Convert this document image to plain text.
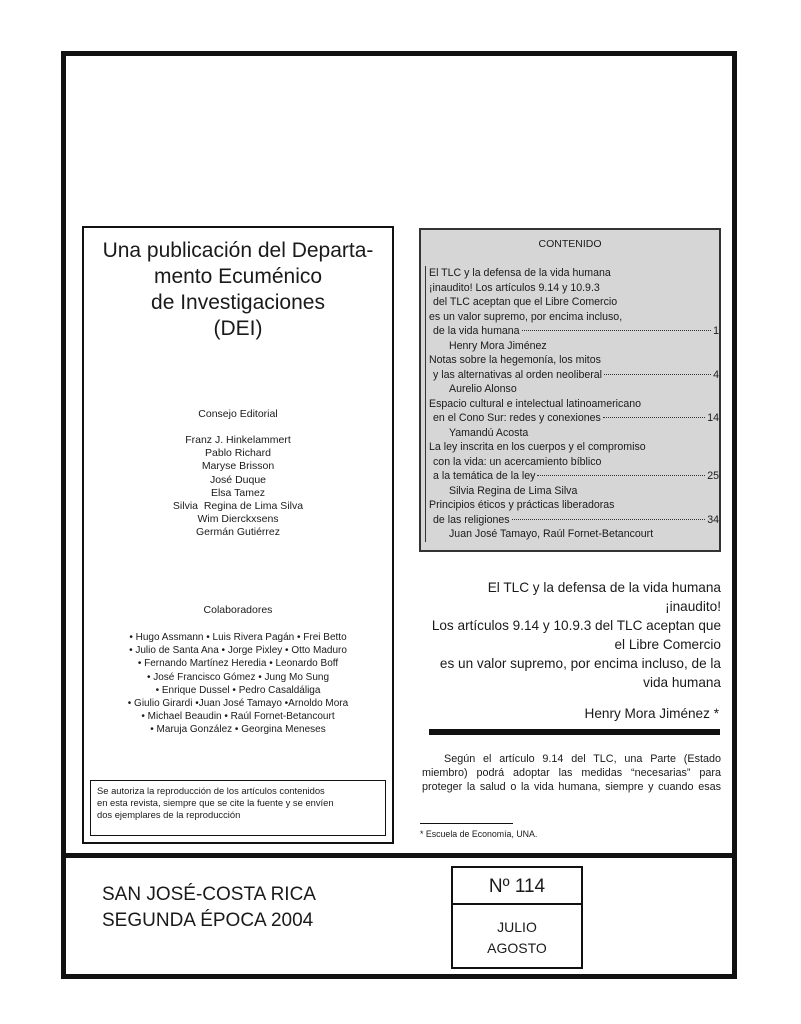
Una publicación del Departa-
mento Ecuménico
de Investigaciones
(DEI)
Consejo Editorial
Franz J. Hinkelammert
Pablo Richard
Maryse Brisson
José Duque
Elsa Tamez
Silvia  Regina de Lima Silva
Wim Dierckxsens
Germán Gutiérrez
Colaboradores
• Hugo Assmann • Luis Rivera Pagán • Frei Betto
• Julio de Santa Ana • Jorge Pixley • Otto Maduro
• Fernando Martínez Heredia • Leonardo Boff
• José Francisco Gómez • Jung Mo Sung
• Enrique Dussel • Pedro Casaldáliga
• Giulio Girardi •Juan José Tamayo •Arnoldo Mora
• Michael Beaudin • Raúl Fornet-Betancourt
• Maruja González • Georgina Meneses
Se autoriza la reproducción de los artículos contenidos
en esta revista, siempre que se cite la fuente y se envíen
dos ejemplares de la reproducción
CONTENIDO
El TLC y la defensa de la vida humana
¡inaudito! Los artículos 9.14 y 10.9.3
del TLC aceptan que el Libre Comercio
es un valor supremo, por encima incluso,
de la vida humana	1
Henry Mora Jiménez
Notas sobre la hegemonía, los mitos
y las alternativas al orden neoliberal	4
Aurelio Alonso
Espacio cultural e intelectual latinoamericano
en el Cono Sur: redes y conexiones	14
Yamandú Acosta
La ley inscrita en los cuerpos y el compromiso
con la vida: un acercamiento bíblico
a la temática de la ley	25
Silvia Regina de Lima Silva
Principios éticos y prácticas liberadoras
de las religiones	34
Juan José Tamayo, Raúl Fornet-Betancourt
El TLC y la defensa de la vida humana
¡inaudito!
Los artículos 9.14 y 10.9.3 del TLC aceptan que
el Libre Comercio
es un valor supremo, por encima incluso, de la
vida humana
Henry Mora Jiménez *
Según el artículo 9.14 del TLC, una Parte (Estado
miembro) podrá adoptar las medidas “necesarias” para
proteger la salud o la vida humana, siempre y cuando esas
* Escuela de Economía, UNA.
SAN JOSÉ-COSTA RICA
SEGUNDA ÉPOCA 2004
Nº 114
JULIO
AGOSTO
